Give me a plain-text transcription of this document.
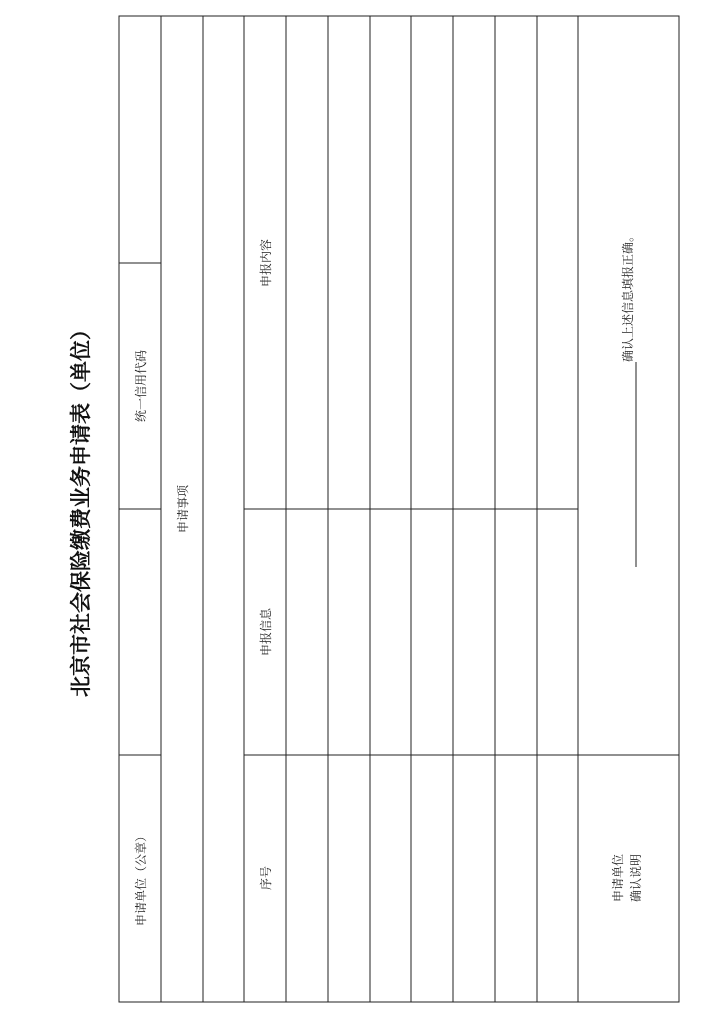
北京市社会保险缴费业务申请表（单位）
申请单位（公章）
统一信用代码
申请事项
序号
申报信息
申报内容
申请单位 确认说明
确认上述信息填报正确。
